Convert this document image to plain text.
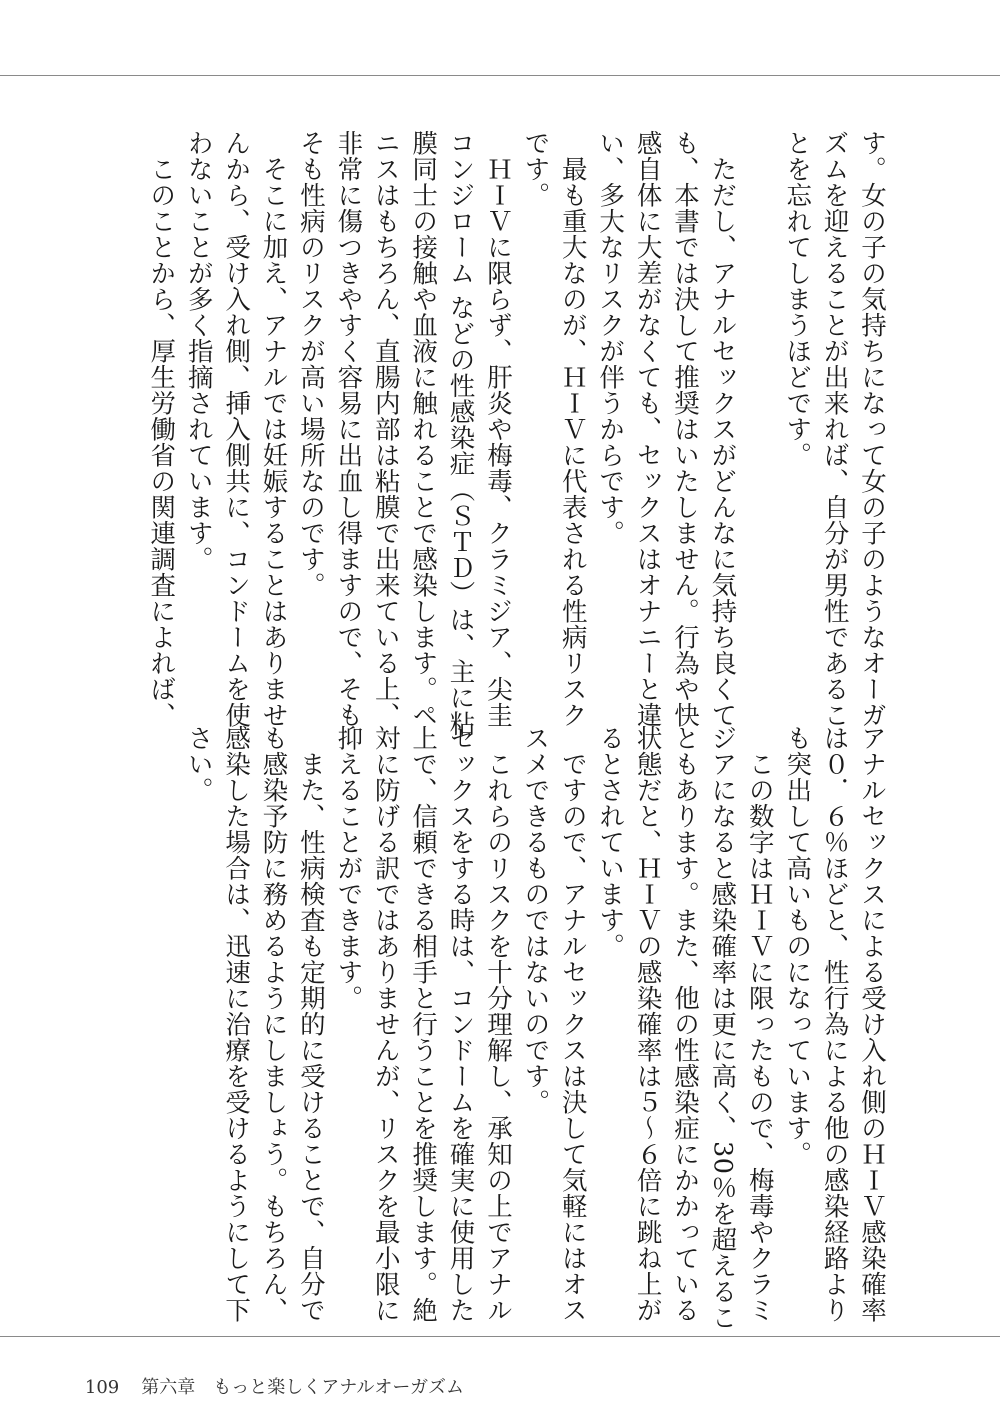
す。女の子の気持ちになって女の子のようなオーガ
ズムを迎えることが出来れば、自分が男性であるこ
とを忘れてしまうほどです。

　ただし、アナルセックスがどんなに気持ち良くて
も、本書では決して推奨はいたしません。行為や快
感自体に大差がなくても、セックスはオナニーと違
い、多大なリスクが伴うからです。
　最も重大なのが、ＨＩＶに代表される性病リスク
です。
　ＨＩＶに限らず、肝炎や梅毒、クラミジア、尖圭
コンジローム などの性感染症（ＳＴＤ）は、主に粘
膜同士の接触や血液に触れることで感染します。ペ
ニスはもちろん、直腸内部は粘膜で出来ている上、
非常に傷つきやすく容易に出血し得ますので、そも
そも性病のリスクが高い場所なのです。
　そこに加え、アナルでは妊娠することはありませ
んから、受け入れ側、挿入側共に、コンドームを使
わないことが多く指摘されています。
　このことから、厚生労働省の関連調査によれば、
アナルセックスによる受け入れ側のＨＩＶ感染確率
は０．６％ほどと、性行為による他の感染経路より
も突出して高いものになっています。
　この数字はＨＩＶに限ったもので、梅毒やクラミ
ジアになると感染確率は更に高く、30％を超えるこ
ともあります。また、他の性感染症にかかっている
状態だと、ＨＩＶの感染確率は５〜６倍に跳ね上が
るとされています。
　ですので、アナルセックスは決して気軽にはオス
スメできるものではないのです。
　これらのリスクを十分理解し、承知の上でアナル
セックスをする時は、コンドームを確実に使用した
上で、信頼できる相手と行うことを推奨します。絶
対に防げる訳ではありませんが、リスクを最小限に
抑えることができます。
　また、性病検査も定期的に受けることで、自分で
も感染予防に務めるようにしましょう。もちろん、
感染した場合は、迅速に治療を受けるようにして下
さい。

109 第六章　もっと楽しくアナルオーガズム
